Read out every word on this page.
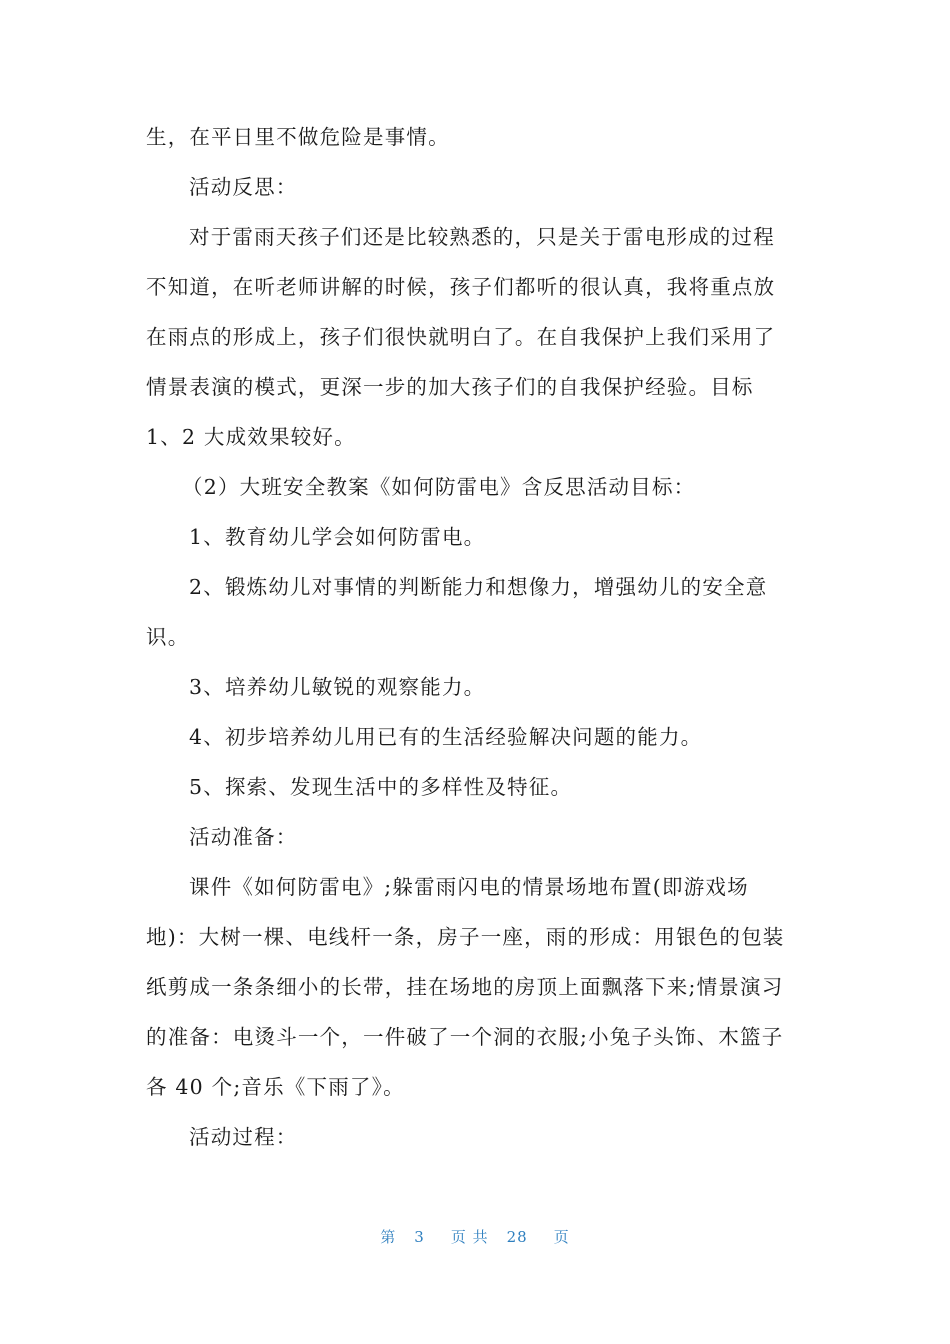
生，在平日里不做危险是事情。
活动反思：
对于雷雨天孩子们还是比较熟悉的，只是关于雷电形成的过程
不知道，在听老师讲解的时候，孩子们都听的很认真，我将重点放
在雨点的形成上，孩子们很快就明白了。在自我保护上我们采用了
情景表演的模式，更深一步的加大孩子们的自我保护经验。目标
1、2 大成效果较好。
（2）大班安全教案《如何防雷电》含反思活动目标：
1、教育幼儿学会如何防雷电。
2、锻炼幼儿对事情的判断能力和想像力，增强幼儿的安全意
识。
3、培养幼儿敏锐的观察能力。
4、初步培养幼儿用已有的生活经验解决问题的能力。
5、探索、发现生活中的多样性及特征。
活动准备：
课件《如何防雷电》;躲雷雨闪电的情景场地布置(即游戏场
地)：大树一棵、电线杆一条，房子一座，雨的形成：用银色的包装
纸剪成一条条细小的长带，挂在场地的房顶上面飘落下来;情景演习
的准备：电烫斗一个，一件破了一个洞的衣服;小兔子头饰、木篮子
各 40 个;音乐《下雨了》。
活动过程：
第 3 页 共 28 页
